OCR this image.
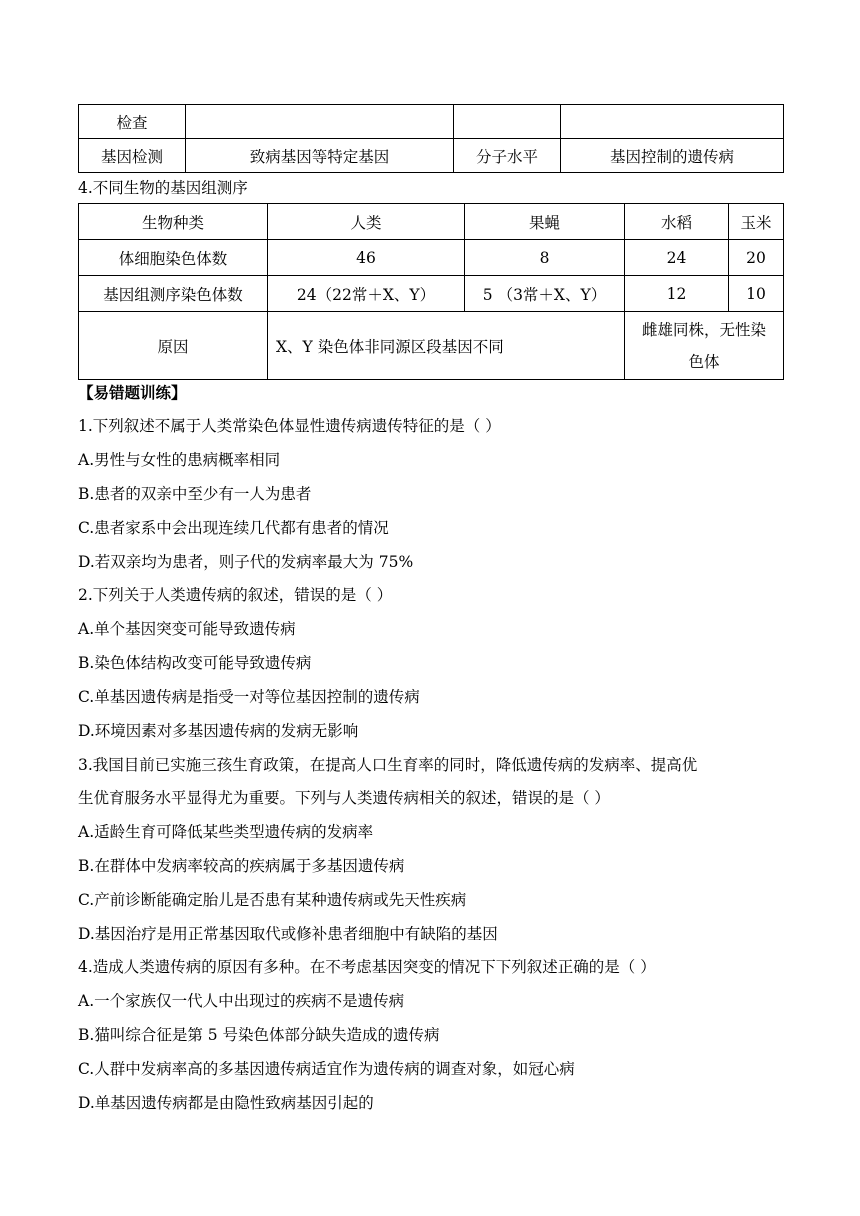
检查			
基因检测	致病基因等特定基因	分子水平	基因控制的遗传病
4.不同生物的基因组测序
生物种类	人类	果蝇	水稻	玉米
体细胞染色体数	46	8	24	20
基因组测序染色体数	24（22常＋X、Y）	5 （3常＋X、Y）	12	10
原因	X、Y 染色体非同源区段基因不同		雌雄同株，无性染色体	
【易错题训练】
1.下列叙述不属于人类常染色体显性遗传病遗传特征的是（ ）
A.男性与女性的患病概率相同
B.患者的双亲中至少有一人为患者
C.患者家系中会出现连续几代都有患者的情况
D.若双亲均为患者，则子代的发病率最大为 75%
2.下列关于人类遗传病的叙述，错误的是（ ）
A.单个基因突变可能导致遗传病
B.染色体结构改变可能导致遗传病
C.单基因遗传病是指受一对等位基因控制的遗传病
D.环境因素对多基因遗传病的发病无影响
3.我国目前已实施三孩生育政策，在提高人口生育率的同时，降低遗传病的发病率、提高优
生优育服务水平显得尤为重要。下列与人类遗传病相关的叙述，错误的是（ ）
A.适龄生育可降低某些类型遗传病的发病率
B.在群体中发病率较高的疾病属于多基因遗传病
C.产前诊断能确定胎儿是否患有某种遗传病或先天性疾病
D.基因治疗是用正常基因取代或修补患者细胞中有缺陷的基因
4.造成人类遗传病的原因有多种。在不考虑基因突变的情况下下列叙述正确的是（ ）
A.一个家族仅一代人中出现过的疾病不是遗传病
B.猫叫综合征是第 5 号染色体部分缺失造成的遗传病
C.人群中发病率高的多基因遗传病适宜作为遗传病的调查对象，如冠心病
D.单基因遗传病都是由隐性致病基因引起的
